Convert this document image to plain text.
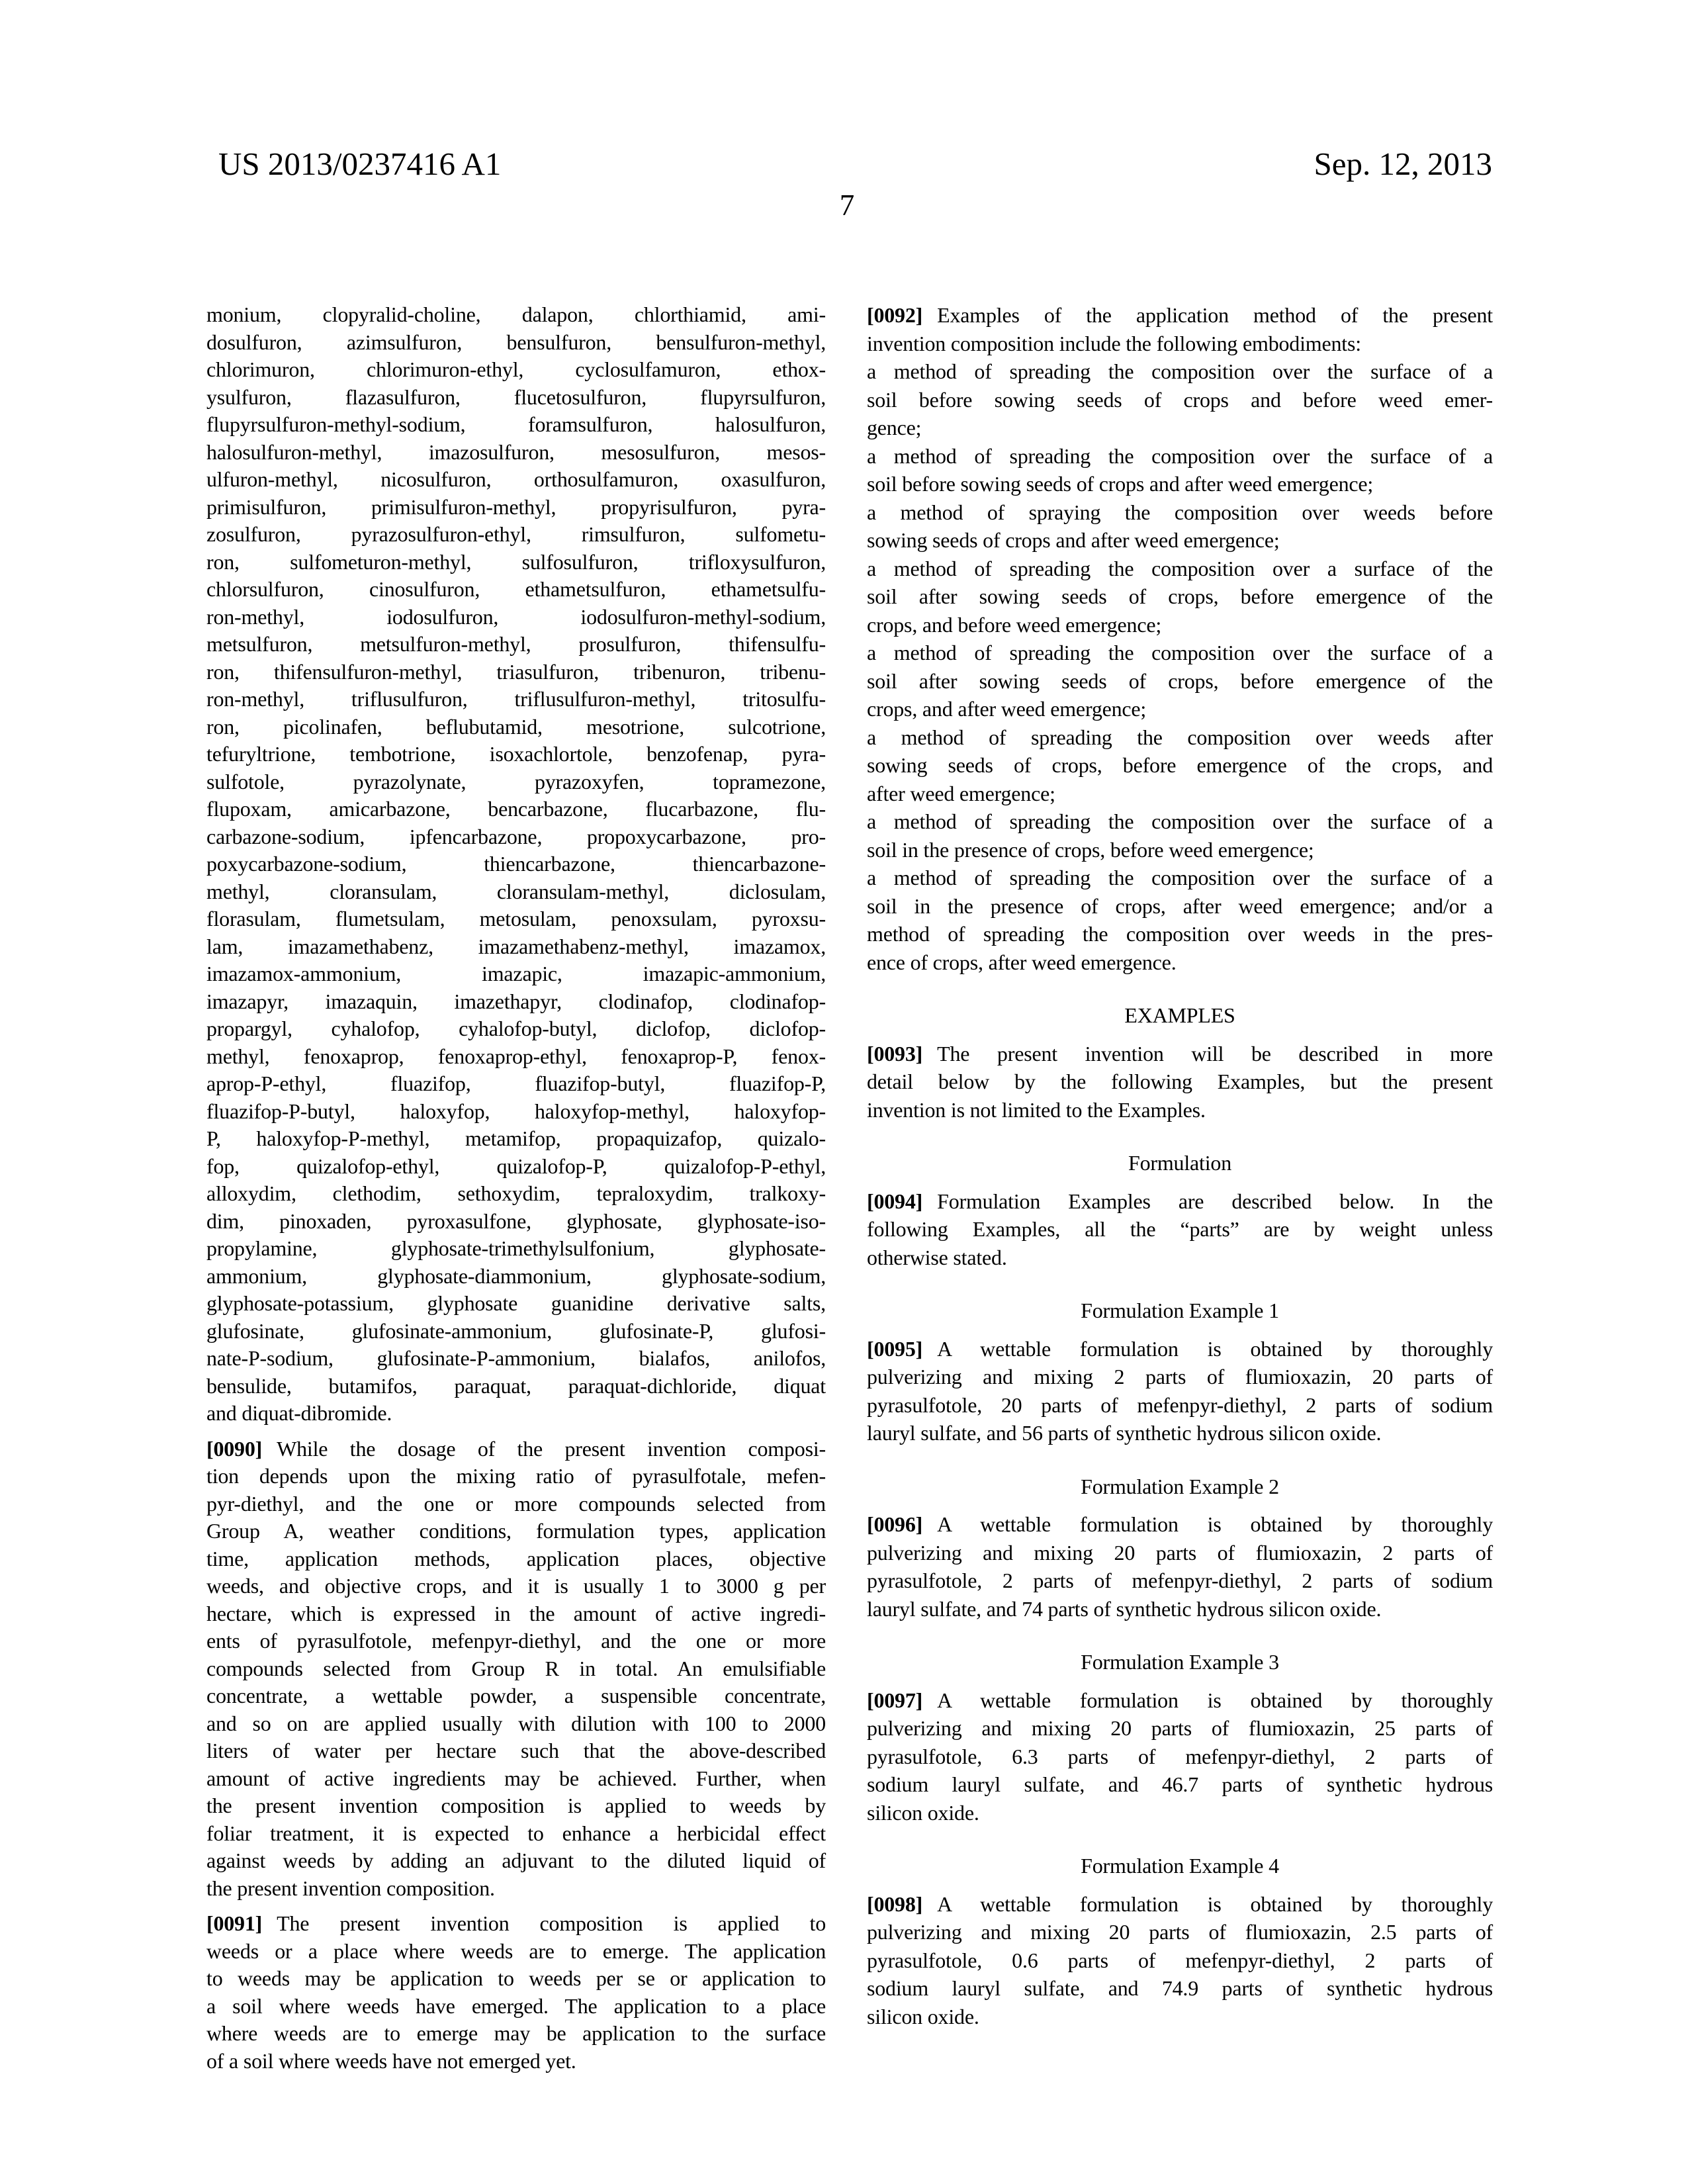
US 2013/0237416 A1	Sep. 12, 2013
7
monium, clopyralid-choline, dalapon, chlorthiamid, ami-
dosulfuron, azimsulfuron, bensulfuron, bensulfuron-methyl,
chlorimuron, chlorimuron-ethyl, cyclosulfamuron, ethox-
ysulfuron, flazasulfuron, flucetosulfuron, flupyrsulfuron,
flupyrsulfuron-methyl-sodium, foramsulfuron, halosulfuron,
halosulfuron-methyl, imazosulfuron, mesosulfuron, mesos-
ulfuron-methyl, nicosulfuron, orthosulfamuron, oxasulfuron,
primisulfuron, primisulfuron-methyl, propyrisulfuron, pyra-
zosulfuron, pyrazosulfuron-ethyl, rimsulfuron, sulfometu-
ron, sulfometuron-methyl, sulfosulfuron, trifloxysulfuron,
chlorsulfuron, cinosulfuron, ethametsulfuron, ethametsulfu-
ron-methyl, iodosulfuron, iodosulfuron-methyl-sodium,
metsulfuron, metsulfuron-methyl, prosulfuron, thifensulfu-
ron, thifensulfuron-methyl, triasulfuron, tribenuron, tribenu-
ron-methyl, triflusulfuron, triflusulfuron-methyl, tritosulfu-
ron, picolinafen, beflubutamid, mesotrione, sulcotrione,
tefuryltrione, tembotrione, isoxachlortole, benzofenap, pyra-
sulfotole, pyrazolynate, pyrazoxyfen, topramezone,
flupoxam, amicarbazone, bencarbazone, flucarbazone, flu-
carbazone-sodium, ipfencarbazone, propoxycarbazone, pro-
poxycarbazone-sodium, thiencarbazone, thiencarbazone-
methyl, cloransulam, cloransulam-methyl, diclosulam,
florasulam, flumetsulam, metosulam, penoxsulam, pyroxsu-
lam, imazamethabenz, imazamethabenz-methyl, imazamox,
imazamox-ammonium, imazapic, imazapic-ammonium,
imazapyr, imazaquin, imazethapyr, clodinafop, clodinafop-
propargyl, cyhalofop, cyhalofop-butyl, diclofop, diclofop-
methyl, fenoxaprop, fenoxaprop-ethyl, fenoxaprop-P, fenox-
aprop-P-ethyl, fluazifop, fluazifop-butyl, fluazifop-P,
fluazifop-P-butyl, haloxyfop, haloxyfop-methyl, haloxyfop-
P, haloxyfop-P-methyl, metamifop, propaquizafop, quizalo-
fop, quizalofop-ethyl, quizalofop-P, quizalofop-P-ethyl,
alloxydim, clethodim, sethoxydim, tepraloxydim, tralkoxy-
dim, pinoxaden, pyroxasulfone, glyphosate, glyphosate-iso-
propylamine, glyphosate-trimethylsulfonium, glyphosate-
ammonium, glyphosate-diammonium, glyphosate-sodium,
glyphosate-potassium, glyphosate guanidine derivative salts,
glufosinate, glufosinate-ammonium, glufosinate-P, glufosi-
nate-P-sodium, glufosinate-P-ammonium, bialafos, anilofos,
bensulide, butamifos, paraquat, paraquat-dichloride, diquat
and diquat-dibromide.
[0090] While the dosage of the present invention composi-
tion depends upon the mixing ratio of pyrasulfotale, mefen-
pyr-diethyl, and the one or more compounds selected from
Group A, weather conditions, formulation types, application
time, application methods, application places, objective
weeds, and objective crops, and it is usually 1 to 3000 g per
hectare, which is expressed in the amount of active ingredi-
ents of pyrasulfotole, mefenpyr-diethyl, and the one or more
compounds selected from Group R in total. An emulsifiable
concentrate, a wettable powder, a suspensible concentrate,
and so on are applied usually with dilution with 100 to 2000
liters of water per hectare such that the above-described
amount of active ingredients may be achieved. Further, when
the present invention composition is applied to weeds by
foliar treatment, it is expected to enhance a herbicidal effect
against weeds by adding an adjuvant to the diluted liquid of
the present invention composition.
[0091] The present invention composition is applied to
weeds or a place where weeds are to emerge. The application
to weeds may be application to weeds per se or application to
a soil where weeds have emerged. The application to a place
where weeds are to emerge may be application to the surface
of a soil where weeds have not emerged yet.
[0092] Examples of the application method of the present
invention composition include the following embodiments:
a method of spreading the composition over the surface of a
soil before sowing seeds of crops and before weed emer-
gence;
a method of spreading the composition over the surface of a
soil before sowing seeds of crops and after weed emergence;
a method of spraying the composition over weeds before
sowing seeds of crops and after weed emergence;
a method of spreading the composition over a surface of the
soil after sowing seeds of crops, before emergence of the
crops, and before weed emergence;
a method of spreading the composition over the surface of a
soil after sowing seeds of crops, before emergence of the
crops, and after weed emergence;
a method of spreading the composition over weeds after
sowing seeds of crops, before emergence of the crops, and
after weed emergence;
a method of spreading the composition over the surface of a
soil in the presence of crops, before weed emergence;
a method of spreading the composition over the surface of a
soil in the presence of crops, after weed emergence; and/or a
method of spreading the composition over weeds in the pres-
ence of crops, after weed emergence.
EXAMPLES
[0093] The present invention will be described in more
detail below by the following Examples, but the present
invention is not limited to the Examples.
Formulation
[0094] Formulation Examples are described below. In the
following Examples, all the “parts” are by weight unless
otherwise stated.
Formulation Example 1
[0095] A wettable formulation is obtained by thoroughly
pulverizing and mixing 2 parts of flumioxazin, 20 parts of
pyrasulfotole, 20 parts of mefenpyr-diethyl, 2 parts of sodium
lauryl sulfate, and 56 parts of synthetic hydrous silicon oxide.
Formulation Example 2
[0096] A wettable formulation is obtained by thoroughly
pulverizing and mixing 20 parts of flumioxazin, 2 parts of
pyrasulfotole, 2 parts of mefenpyr-diethyl, 2 parts of sodium
lauryl sulfate, and 74 parts of synthetic hydrous silicon oxide.
Formulation Example 3
[0097] A wettable formulation is obtained by thoroughly
pulverizing and mixing 20 parts of flumioxazin, 25 parts of
pyrasulfotole, 6.3 parts of mefenpyr-diethyl, 2 parts of
sodium lauryl sulfate, and 46.7 parts of synthetic hydrous
silicon oxide.
Formulation Example 4
[0098] A wettable formulation is obtained by thoroughly
pulverizing and mixing 20 parts of flumioxazin, 2.5 parts of
pyrasulfotole, 0.6 parts of mefenpyr-diethyl, 2 parts of
sodium lauryl sulfate, and 74.9 parts of synthetic hydrous
silicon oxide.
